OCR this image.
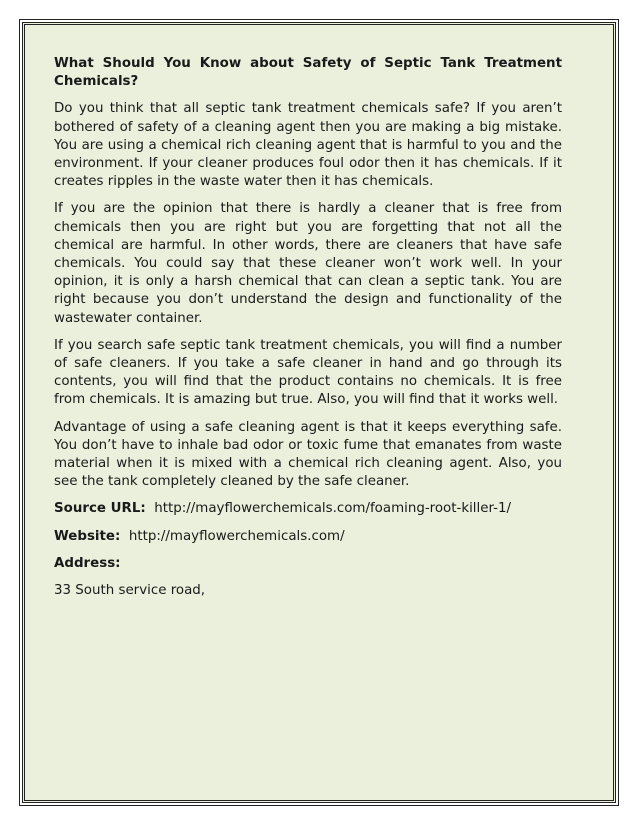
What Should You Know about Safety of Septic Tank Treatment Chemicals?

Do you think that all septic tank treatment chemicals safe? If you aren’t bothered of safety of a cleaning agent then you are making a big mistake. You are using a chemical rich cleaning agent that is harmful to you and the environment. If your cleaner produces foul odor then it has chemicals. If it creates ripples in the waste water then it has chemicals.

If you are the opinion that there is hardly a cleaner that is free from chemicals then you are right but you are forgetting that not all the chemical are harmful. In other words, there are cleaners that have safe chemicals. You could say that these cleaner won’t work well. In your opinion, it is only a harsh chemical that can clean a septic tank. You are right because you don’t understand the design and functionality of the wastewater container.

If you search safe septic tank treatment chemicals, you will find a number of safe cleaners. If you take a safe cleaner in hand and go through its contents, you will find that the product contains no chemicals. It is free from chemicals. It is amazing but true. Also, you will find that it works well.

Advantage of using a safe cleaning agent is that it keeps everything safe. You don’t have to inhale bad odor or toxic fume that emanates from waste material when it is mixed with a chemical rich cleaning agent. Also, you see the tank completely cleaned by the safe cleaner.

Source URL: http://mayflowerchemicals.com/foaming-root-killer-1/

Website: http://mayflowerchemicals.com/

Address:

33 South service road,
